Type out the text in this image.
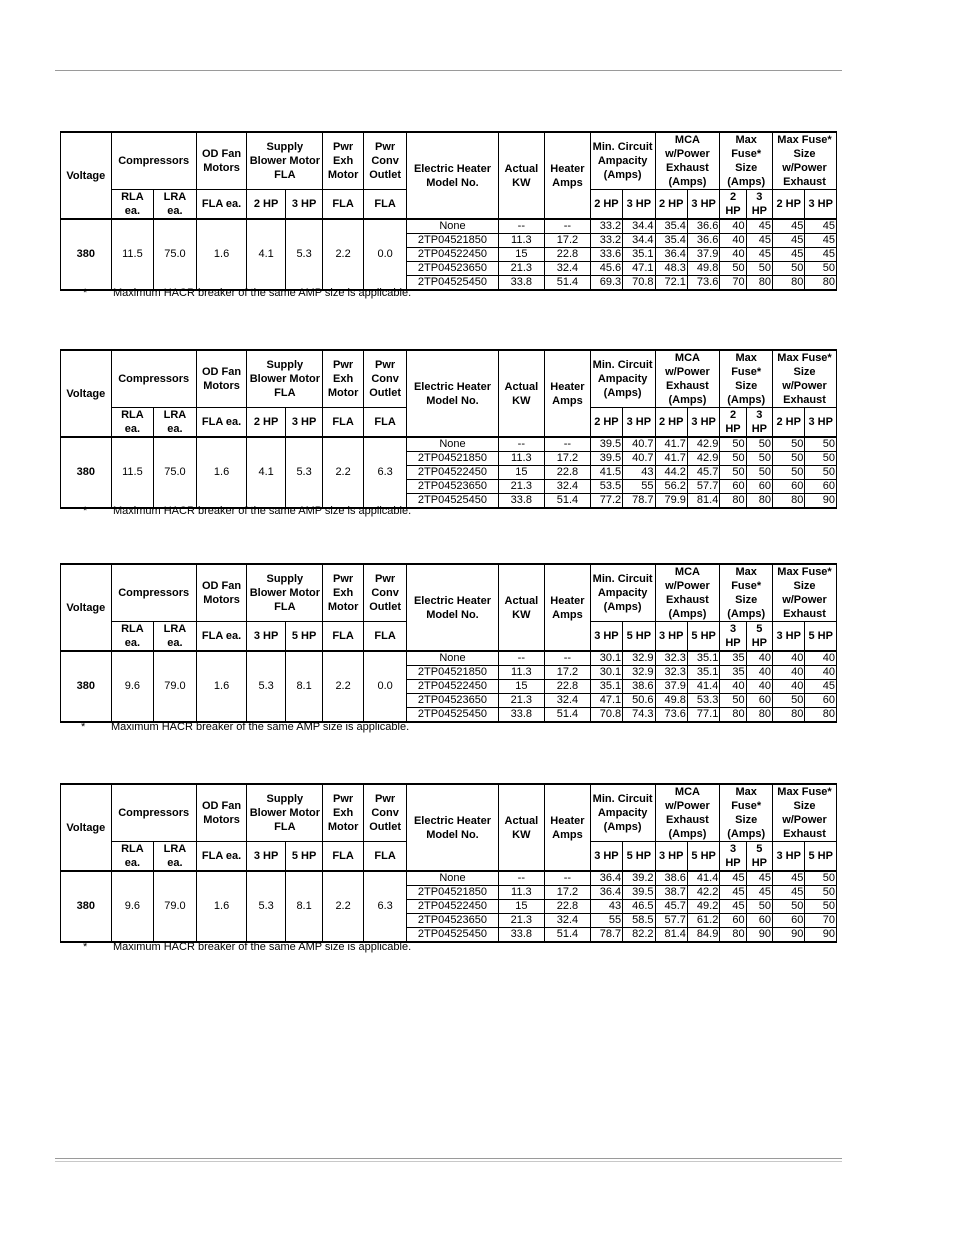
Voltage	Compressors		OD Fan Motors	Supply Blower Motor FLA		Pwr Exh Motor	Pwr Conv Outlet	Electric Heater Model No.	Actual KW	Heater Amps	Min. Circuit Ampacity (Amps)		MCA w/Power Exhaust (Amps)		Max Fuse* Size (Amps)		Max Fuse* Size w/Power Exhaust	
	RLA ea.	LRA ea.	FLA ea.	2 HP	3 HP	FLA	FLA				2 HP	3 HP	2 HP	3 HP	2 HP	3 HP	2 HP	3 HP
380	11.5	75.0	1.6	4.1	5.3	2.2	0.0	None	--	--	33.2	34.4	35.4	36.6	40	45	45	45
								2TP04521850	11.3	17.2	33.2	34.4	35.4	36.6	40	45	45	45
								2TP04522450	15	22.8	33.6	35.1	36.4	37.9	40	45	45	45
								2TP04523650	21.3	32.4	45.6	47.1	48.3	49.8	50	50	50	50
								2TP04525450	33.8	51.4	69.3	70.8	72.1	73.6	70	80	80	80
* Maximum HACR breaker of the same AMP size is applicable.
Voltage	Compressors		OD Fan Motors	Supply Blower Motor FLA		Pwr Exh Motor	Pwr Conv Outlet	Electric Heater Model No.	Actual KW	Heater Amps	Min. Circuit Ampacity (Amps)		MCA w/Power Exhaust (Amps)		Max Fuse* Size (Amps)		Max Fuse* Size w/Power Exhaust	
	RLA ea.	LRA ea.	FLA ea.	2 HP	3 HP	FLA	FLA				2 HP	3 HP	2 HP	3 HP	2 HP	3 HP	2 HP	3 HP
380	11.5	75.0	1.6	4.1	5.3	2.2	6.3	None	--	--	39.5	40.7	41.7	42.9	50	50	50	50
								2TP04521850	11.3	17.2	39.5	40.7	41.7	42.9	50	50	50	50
								2TP04522450	15	22.8	41.5	43	44.2	45.7	50	50	50	50
								2TP04523650	21.3	32.4	53.5	55	56.2	57.7	60	60	60	60
								2TP04525450	33.8	51.4	77.2	78.7	79.9	81.4	80	80	80	90
* Maximum HACR breaker of the same AMP size is applicable.
Voltage	Compressors		OD Fan Motors	Supply Blower Motor FLA		Pwr Exh Motor	Pwr Conv Outlet	Electric Heater Model No.	Actual KW	Heater Amps	Min. Circuit Ampacity (Amps)		MCA w/Power Exhaust (Amps)		Max Fuse* Size (Amps)		Max Fuse* Size w/Power Exhaust	
	RLA ea.	LRA ea.	FLA ea.	3 HP	5 HP	FLA	FLA				3 HP	5 HP	3 HP	5 HP	3 HP	5 HP	3 HP	5 HP
380	9.6	79.0	1.6	5.3	8.1	2.2	0.0	None	--	--	30.1	32.9	32.3	35.1	35	40	40	40
								2TP04521850	11.3	17.2	30.1	32.9	32.3	35.1	35	40	40	40
								2TP04522450	15	22.8	35.1	38.6	37.9	41.4	40	40	40	45
								2TP04523650	21.3	32.4	47.1	50.6	49.8	53.3	50	60	50	60
								2TP04525450	33.8	51.4	70.8	74.3	73.6	77.1	80	80	80	80
* Maximum HACR breaker of the same AMP size is applicable.
Voltage	Compressors		OD Fan Motors	Supply Blower Motor FLA		Pwr Exh Motor	Pwr Conv Outlet	Electric Heater Model No.	Actual KW	Heater Amps	Min. Circuit Ampacity (Amps)		MCA w/Power Exhaust (Amps)		Max Fuse* Size (Amps)		Max Fuse* Size w/Power Exhaust	
	RLA ea.	LRA ea.	FLA ea.	3 HP	5 HP	FLA	FLA				3 HP	5 HP	3 HP	5 HP	3 HP	5 HP	3 HP	5 HP
380	9.6	79.0	1.6	5.3	8.1	2.2	6.3	None	--	--	36.4	39.2	38.6	41.4	45	45	45	50
								2TP04521850	11.3	17.2	36.4	39.5	38.7	42.2	45	45	45	50
								2TP04522450	15	22.8	43	46.5	45.7	49.2	45	50	50	50
								2TP04523650	21.3	32.4	55	58.5	57.7	61.2	60	60	60	70
								2TP04525450	33.8	51.4	78.7	82.2	81.4	84.9	80	90	90	90
* Maximum HACR breaker of the same AMP size is applicable.
